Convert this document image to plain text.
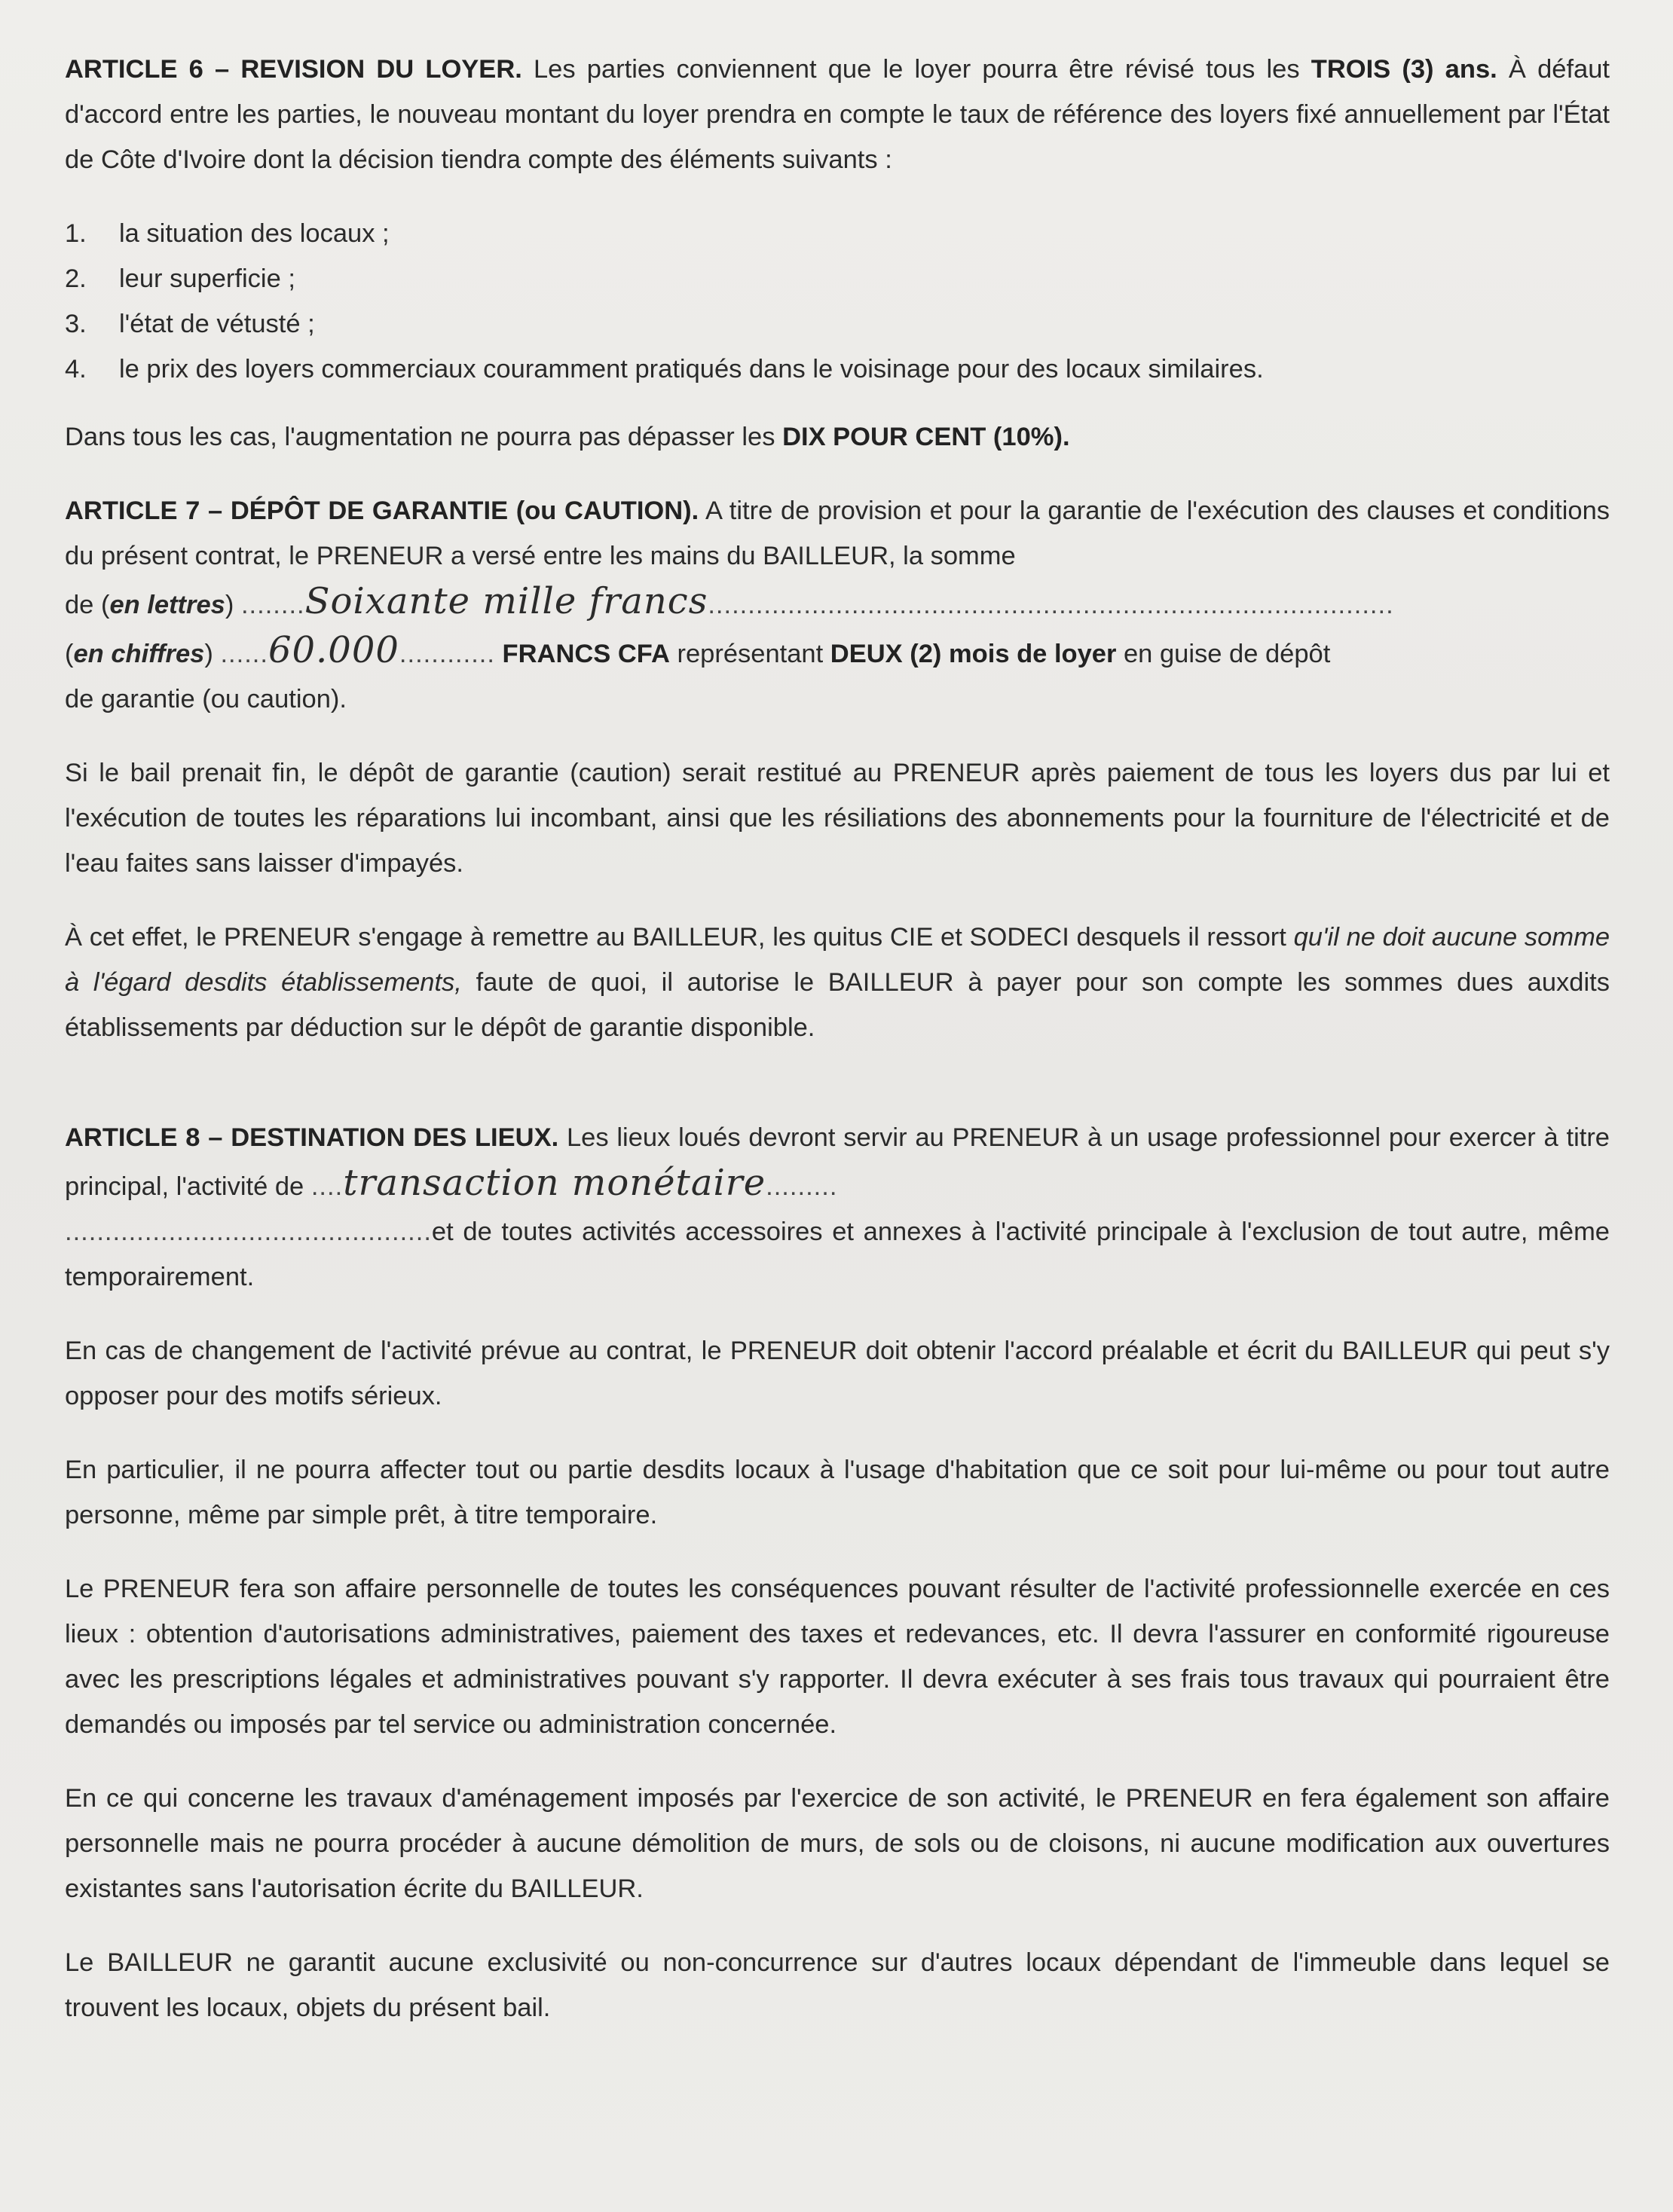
ARTICLE 6 – REVISION DU LOYER. Les parties conviennent que le loyer pourra être révisé tous les TROIS (3) ans. À défaut d'accord entre les parties, le nouveau montant du loyer prendra en compte le taux de référence des loyers fixé annuellement par l'État de Côte d'Ivoire dont la décision tiendra compte des éléments suivants :

1.	la situation des locaux ;
2.	leur superficie ;
3.	l'état de vétusté ;
4.	le prix des loyers commerciaux couramment pratiqués dans le voisinage pour des locaux similaires.

Dans tous les cas, l'augmentation ne pourra pas dépasser les DIX POUR CENT (10%).

ARTICLE 7 – DÉPÔT DE GARANTIE (ou CAUTION). A titre de provision et pour la garantie de l'exécution des clauses et conditions du présent contrat, le PRENEUR a versé entre les mains du BAILLEUR, la somme
de (en lettres) ........Soixante mille francs......................................................................................
(en chiffres) ......60.000............ FRANCS CFA représentant DEUX (2) mois de loyer en guise de dépôt
de garantie (ou caution).

Si le bail prenait fin, le dépôt de garantie (caution) serait restitué au PRENEUR après paiement de tous les loyers dus par lui et l'exécution de toutes les réparations lui incombant, ainsi que les résiliations des abonnements pour la fourniture de l'électricité et de l'eau faites sans laisser d'impayés.

À cet effet, le PRENEUR s'engage à remettre au BAILLEUR, les quitus CIE et SODECI desquels il ressort qu'il ne doit aucune somme à l'égard desdits établissements, faute de quoi, il autorise le BAILLEUR à payer pour son compte les sommes dues auxdits établissements par déduction sur le dépôt de garantie disponible.

ARTICLE 8 – DESTINATION DES LIEUX. Les lieux loués devront servir au PRENEUR à un usage professionnel pour exercer à titre principal, l'activité de ....transaction monétaire.........
..............................................et de toutes activités accessoires et annexes à l'activité principale à l'exclusion de tout autre, même temporairement.

En cas de changement de l'activité prévue au contrat, le PRENEUR doit obtenir l'accord préalable et écrit du BAILLEUR qui peut s'y opposer pour des motifs sérieux.

En particulier, il ne pourra affecter tout ou partie desdits locaux à l'usage d'habitation que ce soit pour lui-même ou pour tout autre personne, même par simple prêt, à titre temporaire.

Le PRENEUR fera son affaire personnelle de toutes les conséquences pouvant résulter de l'activité professionnelle exercée en ces lieux : obtention d'autorisations administratives, paiement des taxes et redevances, etc. Il devra l'assurer en conformité rigoureuse avec les prescriptions légales et administratives pouvant s'y rapporter. Il devra exécuter à ses frais tous travaux qui pourraient être demandés ou imposés par tel service ou administration concernée.

En ce qui concerne les travaux d'aménagement imposés par l'exercice de son activité, le PRENEUR en fera également son affaire personnelle mais ne pourra procéder à aucune démolition de murs, de sols ou de cloisons, ni aucune modification aux ouvertures existantes sans l'autorisation écrite du BAILLEUR.

Le BAILLEUR ne garantit aucune exclusivité ou non-concurrence sur d'autres locaux dépendant de l'immeuble dans lequel se trouvent les locaux, objets du présent bail.
